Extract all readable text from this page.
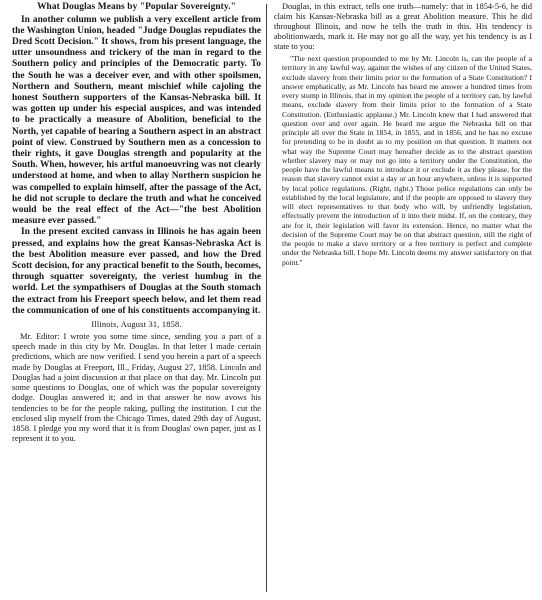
What Douglas Means by "Popular Sovereignty."

In another column we publish a very excellent article from the Washington Union, headed "Judge Douglas repudiates the Dred Scott Decision." It shows, from his present language, the utter unsoundness and trickery of the man in regard to the Southern policy and principles of the Democratic party. To the South he was a deceiver ever, and with other spoilsmen, Northern and Southern, meant mischief while cajoling the honest Southern supporters of the Kansas-Nebraska bill. It was gotten up under his especial auspices, and was intended to be practically a measure of Abolition, beneficial to the North, yet capable of bearing a Southern aspect in an abstract point of view. Construed by Southern men as a concession to their rights, it gave Douglas strength and popularity at the South. When, however, his artful manoeuvring was not clearly understood at home, and when to allay Northern suspicion he was compelled to explain himself, after the passage of the Act, he did not scruple to declare the truth and what he conceived would be the real effect of the Act—"the best Abolition measure ever passed."

In the present excited canvass in Illinois he has again been pressed, and explains how the great Kansas-Nebraska Act is the best Abolition measure ever passed, and how the Dred Scott decision, for any practical benefit to the South, becomes, through squatter sovereignty, the veriest humbug in the world. Let the sympathisers of Douglas at the South stomach the extract from his Freeport speech below, and let them read the communication of one of his constituents accompanying it.

Illinois, August 31, 1858.

Mr. Editor: I wrote you some time since, sending you a part of a speech made in this city by Mr. Douglas. In that letter I made certain predictions, which are now verified. I send you herein a part of a speech made by Douglas at Freeport, Ill., Friday, August 27, 1858. Lincoln and Douglas had a joint discussion at that place on that day. Mr. Lincoln put some questions to Douglas, one of which was the popular sovereignty dodge. Douglas answered it; and in that answer he now avows his tendencies to be for the people raking, pulling the institution. I cut the enclosed slip myself from the Chicago Times, dated 29th day of August, 1858. I pledge you my word that it is from Douglas' own paper, just as I represent it to you.

Douglas, in this extract, tells one truth—namely: that in 1854-5-6, he did claim his Kansas-Nebraska bill as a great Abolition measure. This he did throughout Illinois, and now he tells the truth in this. His tendency is abolitionwards, mark it. He may not go all the way, yet his tendency is as I state to you:

"The next question propounded to me by Mr. Lincoln is, can the people of a territory in any lawful way, against the wishes of any citizen of the United States, exclude slavery from their limits prior to the formation of a State Constitution? I answer emphatically, as Mr. Lincoln has heard me answer a hundred times from every stump in Illinois, that in my opinion the people of a territory can, by lawful means, exclude slavery from their limits prior to the formation of a State Constitution. (Enthusiastic applause.) Mr. Lincoln knew that I had answered that question over and over again. He heard me argue the Nebraska bill on that principle all over the State in 1854, in 1855, and in 1856, and he has no excuse for pretending to be in doubt as to my position on that question. It matters not what way the Supreme Court may hereafter decide as to the abstract question whether slavery may or may not go into a territory under the Constitution, the people have the lawful means to introduce it or exclude it as they please, for the reason that slavery cannot exist a day or an hour anywhere, unless it is supported by local police regulations. (Right, right.) Those police regulations can only be established by the local legislature, and if the people are opposed to slavery they will elect representatives to that body who will, by unfriendly legislation, effectually prevent the introduction of it into their midst. If, on the contrary, they are for it, their legislation will favor its extension. Hence, no matter what the decision of the Supreme Court may be on that abstract question, still the right of the people to make a slave territory or a free territory is perfect and complete under the Nebraska bill. I hope Mr. Lincoln deems my answer satisfactory on that point."
